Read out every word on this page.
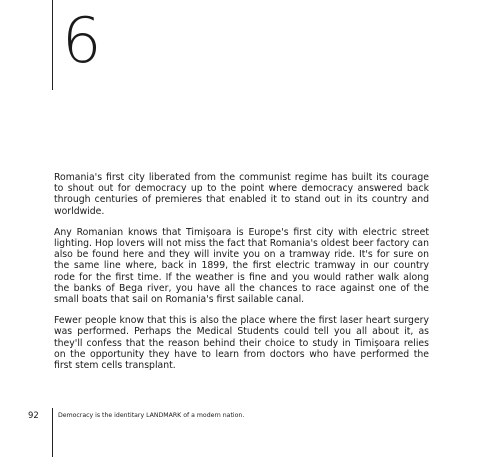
6

Romania's first city liberated from the communist regime has built its courage to shout out for democracy up to the point where democracy answered back through centuries of premieres that enabled it to stand out in its country and worldwide.

Any Romanian knows that Timișoara is Europe's first city with electric street lighting. Hop lovers will not miss the fact that Romania's oldest beer factory can also be found here and they will invite you on a tramway ride. It's for sure on the same line where, back in 1899, the first electric tramway in our country rode for the first time. If the weather is fine and you would rather walk along the banks of Bega river, you have all the chances to race against one of the small boats that sail on Romania's first sailable canal.

Fewer people know that this is also the place where the first laser heart surgery was performed. Perhaps the Medical Students could tell you all about it, as they'll confess that the reason behind their choice to study in Timișoara relies on the opportunity they have to learn from doctors who have performed the first stem cells transplant.

92	Democracy is the identitary LANDMARK of a modern nation.
